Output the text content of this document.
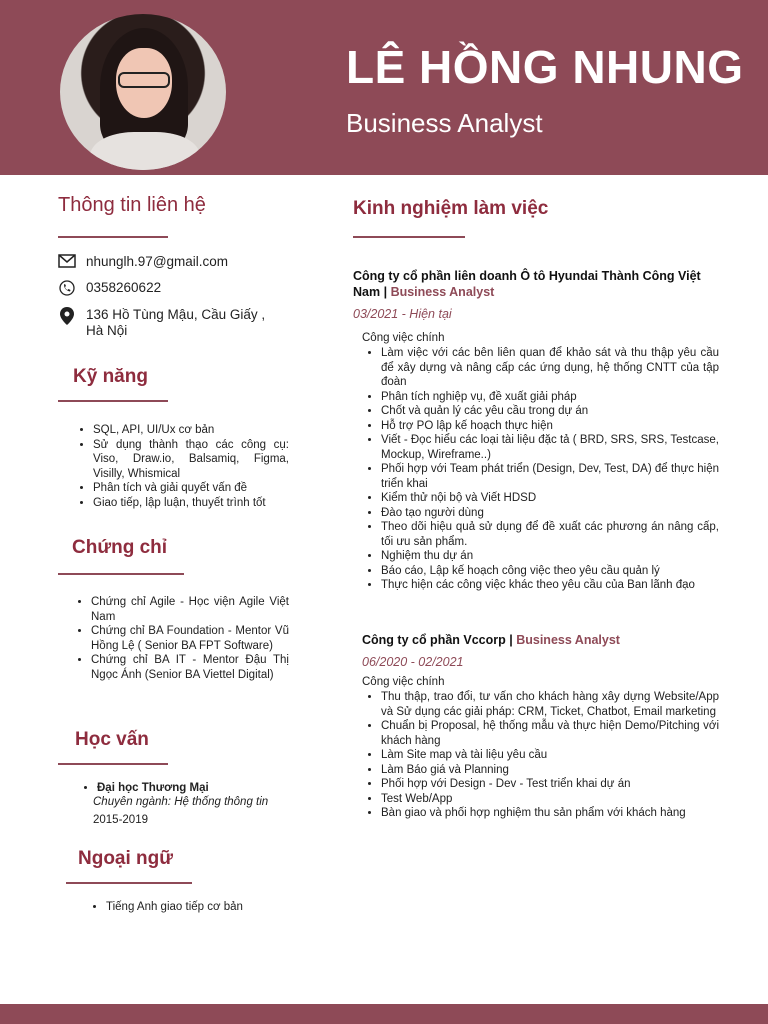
LÊ HỒNG NHUNG
Business Analyst
Thông tin liên hệ
nhunglh.97@gmail.com
0358260622
136 Hồ Tùng Mậu, Cầu Giấy , Hà Nội
Kỹ năng
• SQL, API, UI/Ux cơ bản
• Sử dụng thành thạo các công cụ: Viso, Draw.io, Balsamiq, Figma, Visilly, Whismical
• Phân tích và giải quyết vấn đề
• Giao tiếp, lập luận, thuyết trình tốt
Chứng chỉ
• Chứng chỉ Agile - Học viện Agile Việt Nam
• Chứng chỉ BA Foundation - Mentor Vũ Hồng Lệ ( Senior BA FPT Software)
• Chứng chỉ BA IT - Mentor Đậu Thị Ngọc Ánh (Senior BA Viettel Digital)
Học vấn
• Đại học Thương Mại
Chuyên ngành: Hệ thống thông tin
2015-2019
Ngoại ngữ
• Tiếng Anh giao tiếp cơ bản
Kinh nghiệm làm việc
Công ty cổ phần liên doanh Ô tô Hyundai Thành Công Việt Nam | Business Analyst
03/2021 - Hiện tại
Công việc chính
• Làm việc với các bên liên quan để khảo sát và thu thập yêu cầu để xây dựng và nâng cấp các ứng dụng, hệ thống CNTT của tập đoàn
• Phân tích nghiệp vụ, đề xuất giải pháp
• Chốt và quản lý các yêu cầu trong dự án
• Hỗ trợ PO lập kế hoạch thực hiện
• Viết - Đọc hiểu các loại tài liệu đặc tả ( BRD, SRS, SRS, Testcase, Mockup, Wireframe..)
• Phối hợp với Team phát triển (Design, Dev, Test, DA) để thực hiện triển khai
• Kiểm thử nội bộ và Viết HDSD
• Đào tạo người dùng
• Theo dõi hiệu quả sử dụng để đề xuất các phương án nâng cấp, tối ưu sản phẩm.
• Nghiệm thu dự án
• Báo cáo, Lập kế hoạch công việc theo yêu cầu quản lý
• Thực hiện các công việc khác theo yêu cầu của Ban lãnh đạo
Công ty cổ phần Vccorp | Business Analyst
06/2020 - 02/2021
Công việc chính
• Thu thập, trao đổi, tư vấn cho khách hàng xây dựng Website/App và Sử dụng các giải pháp: CRM, Ticket, Chatbot, Email marketing
• Chuẩn bị Proposal, hệ thống mẫu và thực hiện Demo/Pitching với khách hàng
• Làm Site map và tài liệu yêu cầu
• Làm Báo giá và Planning
• Phối hợp với Design - Dev - Test triển khai dự án
• Test Web/App
• Bàn giao và phối hợp nghiệm thu sản phẩm với khách hàng
